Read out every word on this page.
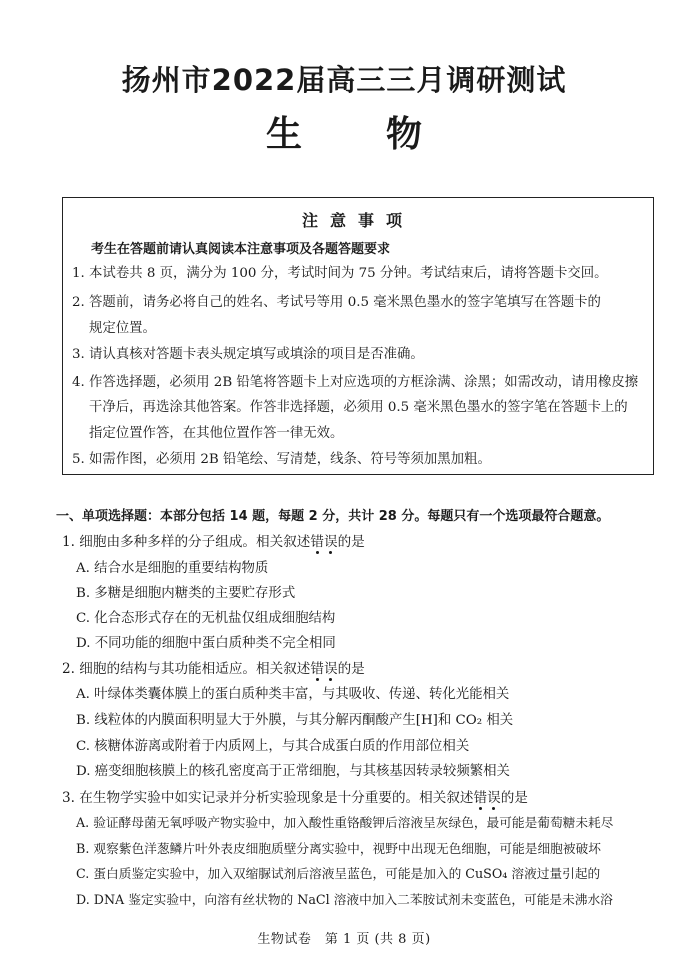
扬州市2022届高三三月调研测试
生 物
注意事项
考生在答题前请认真阅读本注意事项及各题答题要求
1. 本试卷共 8 页，满分为 100 分，考试时间为 75 分钟。考试结束后，请将答题卡交回。
2. 答题前，请务必将自己的姓名、考试号等用 0.5 毫米黑色墨水的签字笔填写在答题卡的
规定位置。
3. 请认真核对答题卡表头规定填写或填涂的项目是否准确。
4. 作答选择题，必须用 2B 铅笔将答题卡上对应选项的方框涂满、涂黑；如需改动，请用橡皮擦
干净后，再选涂其他答案。作答非选择题，必须用 0.5 毫米黑色墨水的签字笔在答题卡上的
指定位置作答，在其他位置作答一律无效。
5. 如需作图，必须用 2B 铅笔绘、写清楚，线条、符号等须加黑加粗。
一、单项选择题：本部分包括 14 题，每题 2 分，共计 28 分。每题只有一个选项最符合题意。
1. 细胞由多种多样的分子组成。相关叙述错误的是
A. 结合水是细胞的重要结构物质
B. 多糖是细胞内糖类的主要贮存形式
C. 化合态形式存在的无机盐仅组成细胞结构
D. 不同功能的细胞中蛋白质种类不完全相同
2. 细胞的结构与其功能相适应。相关叙述错误的是
A. 叶绿体类囊体膜上的蛋白质种类丰富，与其吸收、传递、转化光能相关
B. 线粒体的内膜面积明显大于外膜，与其分解丙酮酸产生[H]和 CO₂ 相关
C. 核糖体游离或附着于内质网上，与其合成蛋白质的作用部位相关
D. 癌变细胞核膜上的核孔密度高于正常细胞，与其核基因转录较频繁相关
3. 在生物学实验中如实记录并分析实验现象是十分重要的。相关叙述错误的是
A. 验证酵母菌无氧呼吸产物实验中，加入酸性重铬酸钾后溶液呈灰绿色，最可能是葡萄糖未耗尽
B. 观察紫色洋葱鳞片叶外表皮细胞质壁分离实验中，视野中出现无色细胞，可能是细胞被破坏
C. 蛋白质鉴定实验中，加入双缩脲试剂后溶液呈蓝色，可能是加入的 CuSO₄ 溶液过量引起的
D. DNA 鉴定实验中，向溶有丝状物的 NaCl 溶液中加入二苯胺试剂未变蓝色，可能是未沸水浴
生物试卷　第 1 页 (共 8 页)
